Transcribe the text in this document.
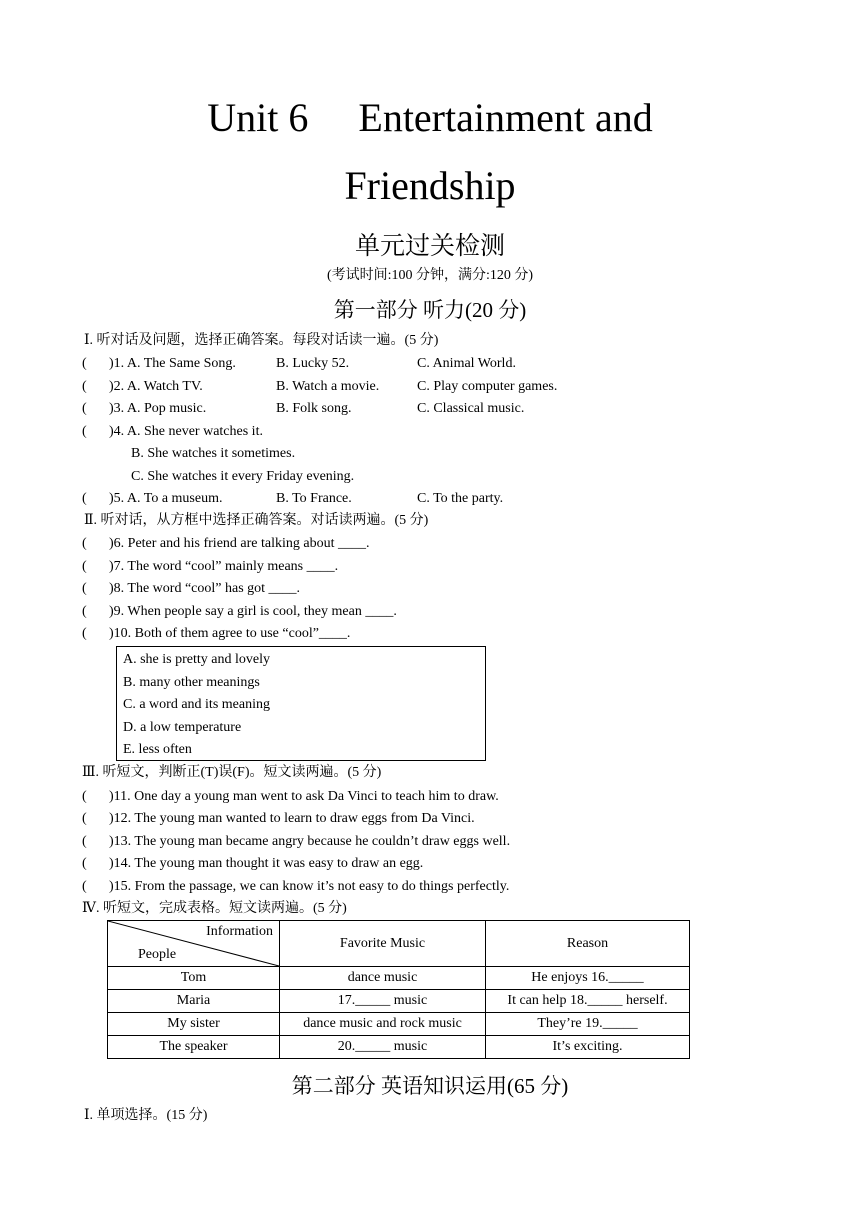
Unit 6  Entertainment and
Friendship
单元过关检测
(考试时间:100 分钟，满分:120 分)
第一部分 听力(20 分)
Ⅰ. 听对话及问题，选择正确答案。每段对话读一遍。(5 分)
( )1. A. The Same Song.	B. Lucky 52.	C. Animal World.
( )2. A. Watch TV.	B. Watch a movie.	C. Play computer games.
( )3. A. Pop music.	B. Folk song.	C. Classical music.
( )4. A. She never watches it.
B. She watches it sometimes.
C. She watches it every Friday evening.
( )5. A. To a museum.	B. To France.	C. To the party.
Ⅱ. 听对话，从方框中选择正确答案。对话读两遍。(5 分)
( )6. Peter and his friend are talking about ____.
( )7. The word “cool” mainly means ____.
( )8. The word “cool” has got ____.
( )9. When people say a girl is cool, they mean ____.
( )10. Both of them agree to use “cool”____.
A. she is pretty and lovely
B. many other meanings
C. a word and its meaning
D. a low temperature
E. less often
Ⅲ. 听短文，判断正(T)误(F)。短文读两遍。(5 分)
( )11. One day a young man went to ask Da Vinci to teach him to draw.
( )12. The young man wanted to learn to draw eggs from Da Vinci.
( )13. The young man became angry because he couldn’t draw eggs well.
( )14. The young man thought it was easy to draw an egg.
( )15. From the passage, we can know it’s not easy to do things perfectly.
Ⅳ. 听短文，完成表格。短文读两遍。(5 分)
Information
People	Favorite Music	Reason
Tom	dance music	He enjoys 16._____
Maria	17._____ music	It can help 18._____ herself.
My sister	dance music and rock music	They’re 19._____
The speaker	20._____ music	It’s exciting.
第二部分 英语知识运用(65 分)
Ⅰ. 单项选择。(15 分)
